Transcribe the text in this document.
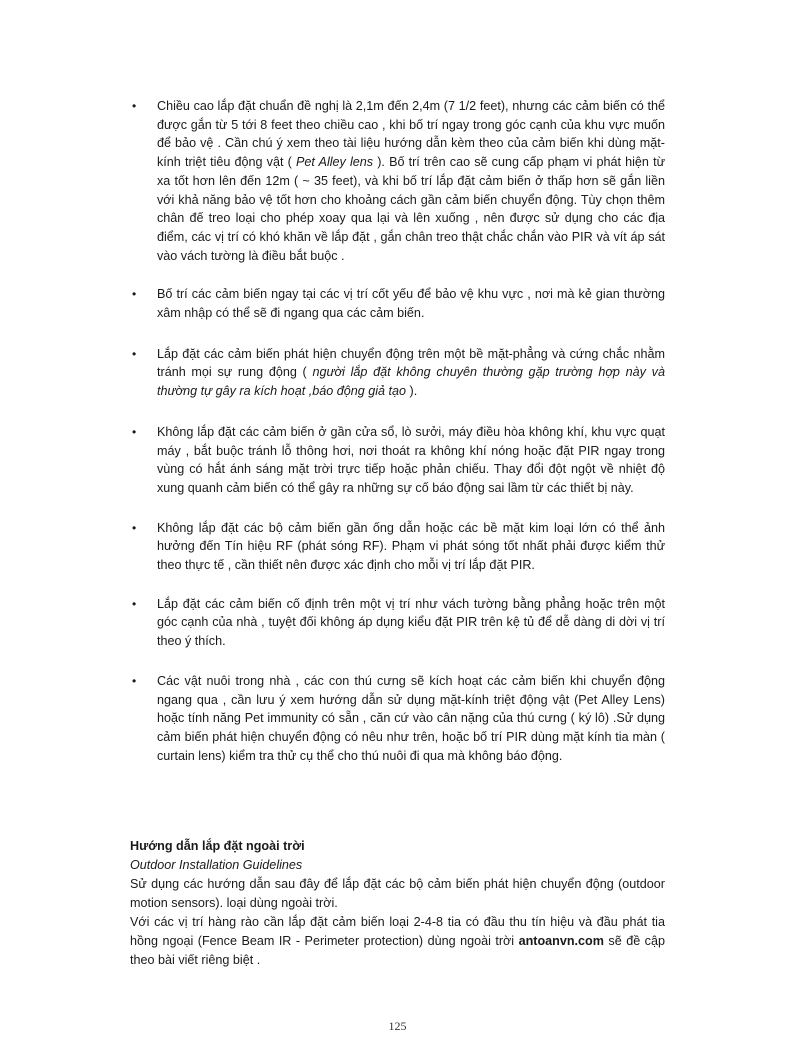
• Chiều cao lắp đặt chuẩn đề nghị là 2,1m đến 2,4m (7 1/2 feet), nhưng các cảm biến có thể được gắn từ 5 tới 8 feet theo chiều cao , khi bố trí ngay trong góc cạnh của khu vực muốn để bảo vệ . Cần chú ý xem theo tài liệu hướng dẫn kèm theo của cảm biến khi dùng mặt-kính triệt tiêu động vật ( Pet Alley lens ). Bố trí trên cao sẽ cung cấp phạm vi phát hiện từ xa tốt hơn lên đến 12m ( ~ 35 feet), và khi bố trí lắp đặt cảm biến ở thấp hơn sẽ gắn liền với khả năng bảo vệ tốt hơn cho khoảng cách gần cảm biến chuyển động. Tùy chọn thêm chân đế treo loại cho phép xoay qua lại và lên xuống , nên được sử dụng cho các địa điểm, các vị trí có khó khăn về lắp đặt , gắn chân treo thật chắc chắn vào PIR và vít áp sát vào vách tường là điều bắt buộc .
• Bố trí các cảm biến ngay tại các vị trí cốt yếu để bảo vệ khu vực , nơi mà kẻ gian thường xâm nhập có thể sẽ đi ngang qua các cảm biến.
• Lắp đặt các cảm biến phát hiện chuyển động trên một bề mặt-phẳng và cứng chắc nhằm tránh mọi sự rung động ( người lắp đặt không chuyên thường gặp trường hợp này và thường tự gây ra kích hoạt ,báo động giả tạo ).
• Không lắp đặt các cảm biến ở gần cửa sổ, lò sưởi, máy điều hòa không khí, khu vực quạt máy , bắt buộc tránh lỗ thông hơi, nơi thoát ra không khí nóng hoặc đặt PIR ngay trong vùng có hắt ánh sáng mặt trời trực tiếp hoặc phản chiếu. Thay đổi đột ngột về nhiệt độ xung quanh cảm biến có thể gây ra những sự cố báo động sai lầm từ các thiết bị này.
• Không lắp đặt các bộ cảm biến gần ống dẫn hoặc các bề mặt kim loại lớn có thể ảnh hưởng đến Tín hiệu RF (phát sóng RF). Phạm vi phát sóng tốt nhất phải được kiểm thử theo thực tế , cần thiết nên được xác định cho mỗi vị trí lắp đặt PIR.
• Lắp đặt các cảm biến cố định trên một vị trí như vách tường bằng phẳng hoặc trên một góc cạnh của nhà , tuyệt đối không áp dụng kiểu đặt PIR trên kệ tủ để dễ dàng di dời vị trí theo ý thích.
• Các vật nuôi trong nhà , các con thú cưng sẽ kích hoạt các cảm biến khi chuyển động ngang qua , cần lưu ý xem hướng dẫn sử dụng mặt-kính triệt động vật (Pet Alley Lens) hoặc tính năng Pet immunity có sẵn , căn cứ vào cân nặng của thú cưng ( ký lô) .Sử dụng cảm biến phát hiện chuyển động có nêu như trên, hoặc bố trí PIR dùng mặt kính tia màn ( curtain lens) kiểm tra thử cụ thể cho thú nuôi đi qua mà không báo động.
Hướng dẫn lắp đặt ngoài trời
Outdoor Installation Guidelines
Sử dụng các hướng dẫn sau đây để lắp đặt các bộ cảm biến phát hiện chuyển động (outdoor motion sensors). loại dùng ngoài trời.
Với các vị trí hàng rào cần lắp đặt cảm biến loại 2-4-8 tia có đầu thu tín hiệu và đầu phát tia hồng ngoại (Fence Beam IR - Perimeter protection) dùng ngoài trời antoanvn.com sẽ đề cập theo bài viết riêng biệt .
125
